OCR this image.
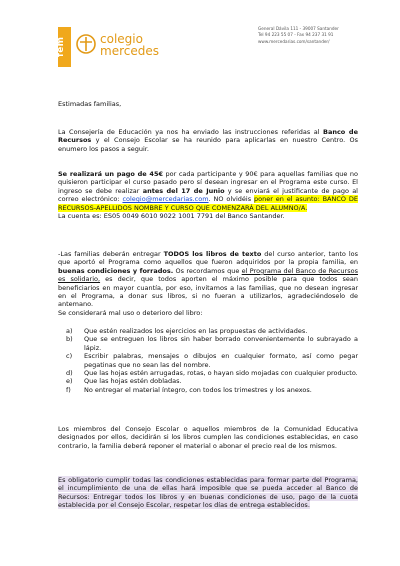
fem	colegio
mercedes
General Dávila 111 - 39007 Santander
Tel 94 223 55 07 - Fax 94 237 31 91
www.mercedarias.com/santander/
Estimadas familias,
La Consejería de Educación ya nos ha enviado las instrucciones referidas al Banco de Recursos y el Consejo Escolar se ha reunido para aplicarlas en nuestro Centro. Os enumero los pasos a seguir.
Se realizará un pago de 45€ por cada participante y 90€ para aquellas familias que no quisieron participar el curso pasado pero sí desean ingresar en el Programa este curso. El ingreso se debe realizar antes del 17 de Junio y se enviará el justificante de pago al correo electrónico: colegio@mercedarias.com. NO olvidéis poner en el asunto: BANCO DE RECURSOS-APELLIDOS NOMBRE Y CURSO QUE COMENZARÁ DEL ALUMNO/A.

La cuenta es: ES05 0049 6010 9022 1001 7791 del Banco Santander.

-Las familias deberán entregar TODOS los libros de texto del curso anterior, tanto los que aportó el Programa como aquellos que fueron adquiridos por la propia familia, en buenas condiciones y forrados. Os recordamos que el Programa del Banco de Recursos es solidario, es decir, que todos aporten el máximo posible para que todos sean beneficiarios en mayor cuantía, por eso, invitamos a las familias, que no desean ingresar en el Programa, a donar sus libros, si no fueran a utilizarlos, agradeciéndoselo de antemano.

Se considerará mal uso o deterioro del libro:

a)	Que estén realizados los ejercicios en las propuestas de actividades.
b)	Que se entreguen los libros sin haber borrado convenientemente lo subrayado a lápiz.
c)	Escribir palabras, mensajes o dibujos en cualquier formato, así como pegar pegatinas que no sean las del nombre.
d)	Que las hojas estén arrugadas, rotas, o hayan sido mojadas con cualquier producto.
e)	Que las hojas estén dobladas.
f)	No entregar el material íntegro, con todos los trimestres y los anexos.
Los miembros del Consejo Escolar o aquellos miembros de la Comunidad Educativa designados por ellos, decidirán si los libros cumplen las condiciones establecidas, en caso contrario, la familia deberá reponer el material o abonar el precio real de los mismos.
Es obligatorio cumplir todas las condiciones establecidas para formar parte del Programa, el incumplimiento de una de ellas hará imposible que se pueda acceder al Banco de Recursos: Entregar todos los libros y en buenas condiciones de uso, pago de la cuota establecida por el Consejo Escolar, respetar los días de entrega establecidos.
